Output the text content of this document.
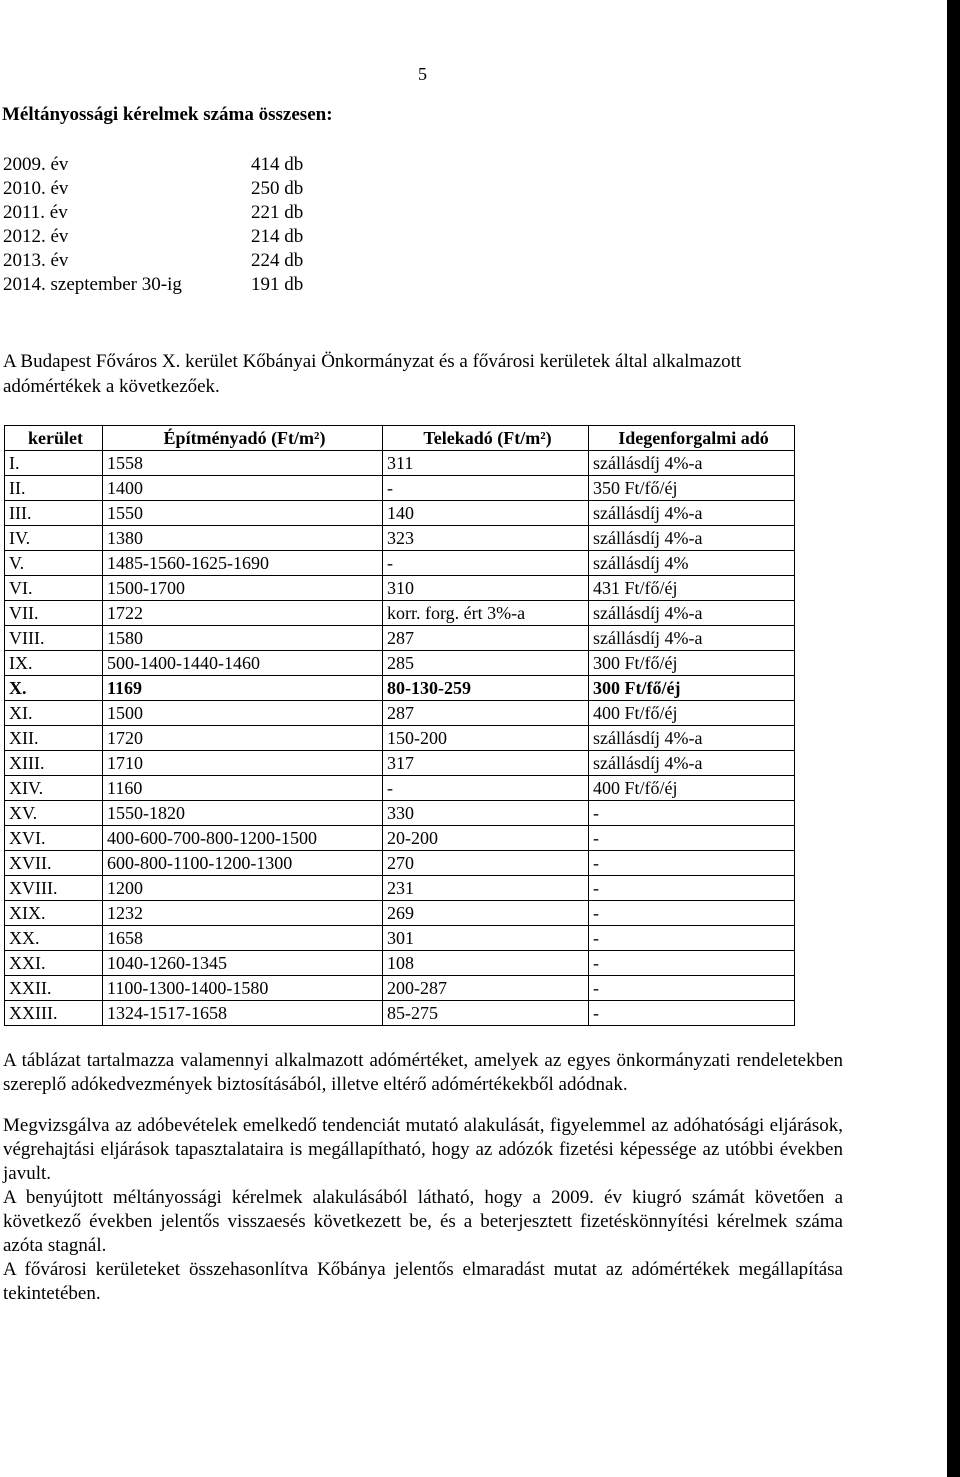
5
Méltányossági kérelmek száma összesen:
2009. év	414 db
2010. év	250 db
2011. év	221 db
2012. év	214 db
2013. év	224 db
2014. szeptember 30-ig	191 db
A Budapest Főváros X. kerület Kőbányai Önkormányzat és a fővárosi kerületek által alkalmazott adómértékek a következőek.
kerület	Építményadó (Ft/m²)	Telekadó (Ft/m²)	Idegenforgalmi adó
I.	1558	311	szállásdíj 4%-a
II.	1400	-	350 Ft/fő/éj
III.	1550	140	szállásdíj 4%-a
IV.	1380	323	szállásdíj 4%-a
V.	1485-1560-1625-1690	-	szállásdíj 4%
VI.	1500-1700	310	431 Ft/fő/éj
VII.	1722	korr. forg. ért 3%-a	szállásdíj 4%-a
VIII.	1580	287	szállásdíj 4%-a
IX.	500-1400-1440-1460	285	300 Ft/fő/éj
X.	1169	80-130-259	300 Ft/fő/éj
XI.	1500	287	400 Ft/fő/éj
XII.	1720	150-200	szállásdíj 4%-a
XIII.	1710	317	szállásdíj 4%-a
XIV.	1160	-	400 Ft/fő/éj
XV.	1550-1820	330	-
XVI.	400-600-700-800-1200-1500	20-200	-
XVII.	600-800-1100-1200-1300	270	-
XVIII.	1200	231	-
XIX.	1232	269	-
XX.	1658	301	-
XXI.	1040-1260-1345	108	-
XXII.	1100-1300-1400-1580	200-287	-
XXIII.	1324-1517-1658	85-275	-

A táblázat tartalmazza valamennyi alkalmazott adómértéket, amelyek az egyes önkormányzati rendeletekben szereplő adókedvezmények biztosításából, illetve eltérő adómértékekből adódnak.

Megvizsgálva az adóbevételek emelkedő tendenciát mutató alakulását, figyelemmel az adóhatósági eljárások, végrehajtási eljárások tapasztalataira is megállapítható, hogy az adózók fizetési képessége az utóbbi években javult.

A benyújtott méltányossági kérelmek alakulásából látható, hogy a 2009. év kiugró számát követően a következő években jelentős visszaesés következett be, és a beterjesztett fizetéskönnyítési kérelmek száma azóta stagnál.

A fővárosi kerületeket összehasonlítva Kőbánya jelentős elmaradást mutat az adómértékek megállapítása tekintetében.
